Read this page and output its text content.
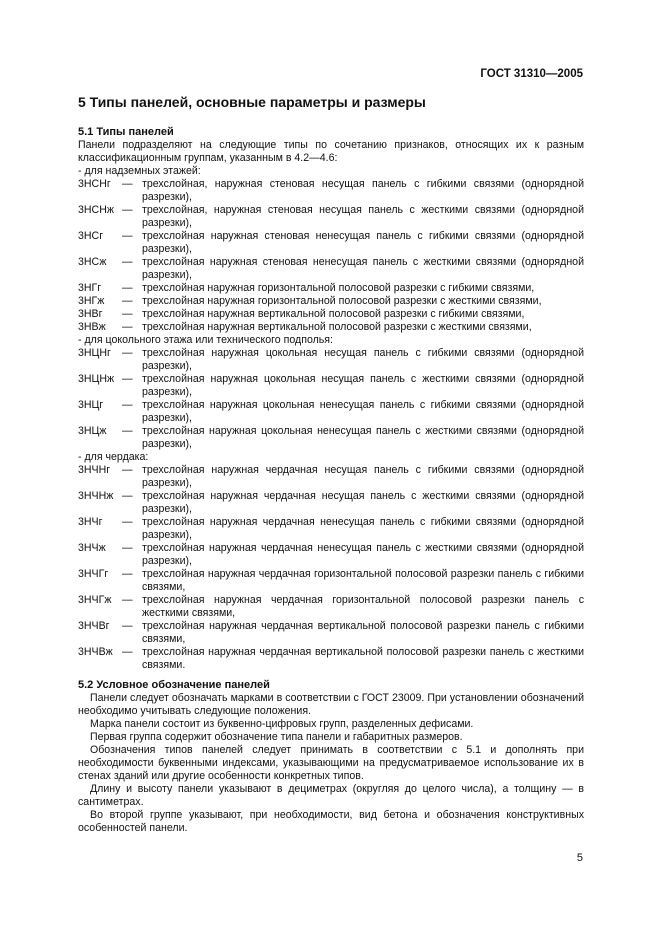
ГОСТ 31310—2005
5 Типы панелей, основные параметры и размеры

5.1 Типы панелей

Панели подразделяют на следующие типы по сочетанию признаков, относящих их к разным классификационным группам, указанным в 4.2—4.6:

- для надземных этажей:

3НСНг	— трехслойная, наружная стеновая несущая панель с гибкими связями (однорядной разрезки),
3НСНж — трехслойная, наружная стеновая несущая панель с жесткими связями (однорядной разрезки),
3НСг	— трехслойная наружная стеновая ненесущая панель с гибкими связями (однорядной разрезки),
3НСж	— трехслойная наружная стеновая ненесущая панель с жесткими связями (однорядной разрезки),
3НГг	— трехслойная наружная горизонтальной полосовой разрезки с гибкими связями,
3НГж	— трехслойная наружная горизонтальной полосовой разрезки с жесткими связями,
3НВг	— трехслойная наружная вертикальной полосовой разрезки с гибкими связями,
3НВж	— трехслойная наружная вертикальной полосовой разрезки с жесткими связями,

- для цокольного этажа или технического подполья:

3НЦНг	— трехслойная наружная цокольная несущая панель с гибкими связями (однорядной разрезки),
3НЦНж — трехслойная наружная цокольная несущая панель с жесткими связями (однорядной разрезки),
3НЦг	— трехслойная наружная цокольная ненесущая панель с гибкими связями (однорядной разрезки),
3НЦж	— трехслойная наружная цокольная ненесущая панель с жесткими связями (однорядной разрезки),

- для чердака:

3НЧНг	— трехслойная наружная чердачная несущая панель с гибкими связями (однорядной разрезки),
3НЧНж — трехслойная наружная чердачная несущая панель с жесткими связями (однорядной разрезки),
3НЧг	— трехслойная наружная чердачная ненесущая панель с гибкими связями (однорядной разрезки),
3НЧж	— трехслойная наружная чердачная ненесущая панель с жесткими связями (однорядной разрезки),
3НЧГг	— трехслойная наружная чердачная горизонтальной полосовой разрезки панель с гибкими связями,
3НЧГж — трехслойная наружная чердачная горизонтальной полосовой разрезки панель с жесткими связями,
3НЧВг	— трехслойная наружная чердачная вертикальной полосовой разрезки панель с гибкими связями,
3НЧВж — трехслойная наружная чердачная вертикальной полосовой разрезки панель с жесткими связями.

5.2 Условное обозначение панелей

Панели следует обозначать марками в соответствии с ГОСТ 23009. При установлении обозначений необходимо учитывать следующие положения.

Марка панели состоит из буквенно-цифровых групп, разделенных дефисами.

Первая группа содержит обозначение типа панели и габаритных размеров.

Обозначения типов панелей следует принимать в соответствии с 5.1 и дополнять при необходимости буквенными индексами, указывающими на предусматриваемое использование их в стенах зданий или другие особенности конкретных типов.

Длину и высоту панели указывают в дециметрах (округляя до целого числа), а толщину — в сантиметрах.

Во второй группе указывают, при необходимости, вид бетона и обозначения конструктивных особенностей панели.

5
